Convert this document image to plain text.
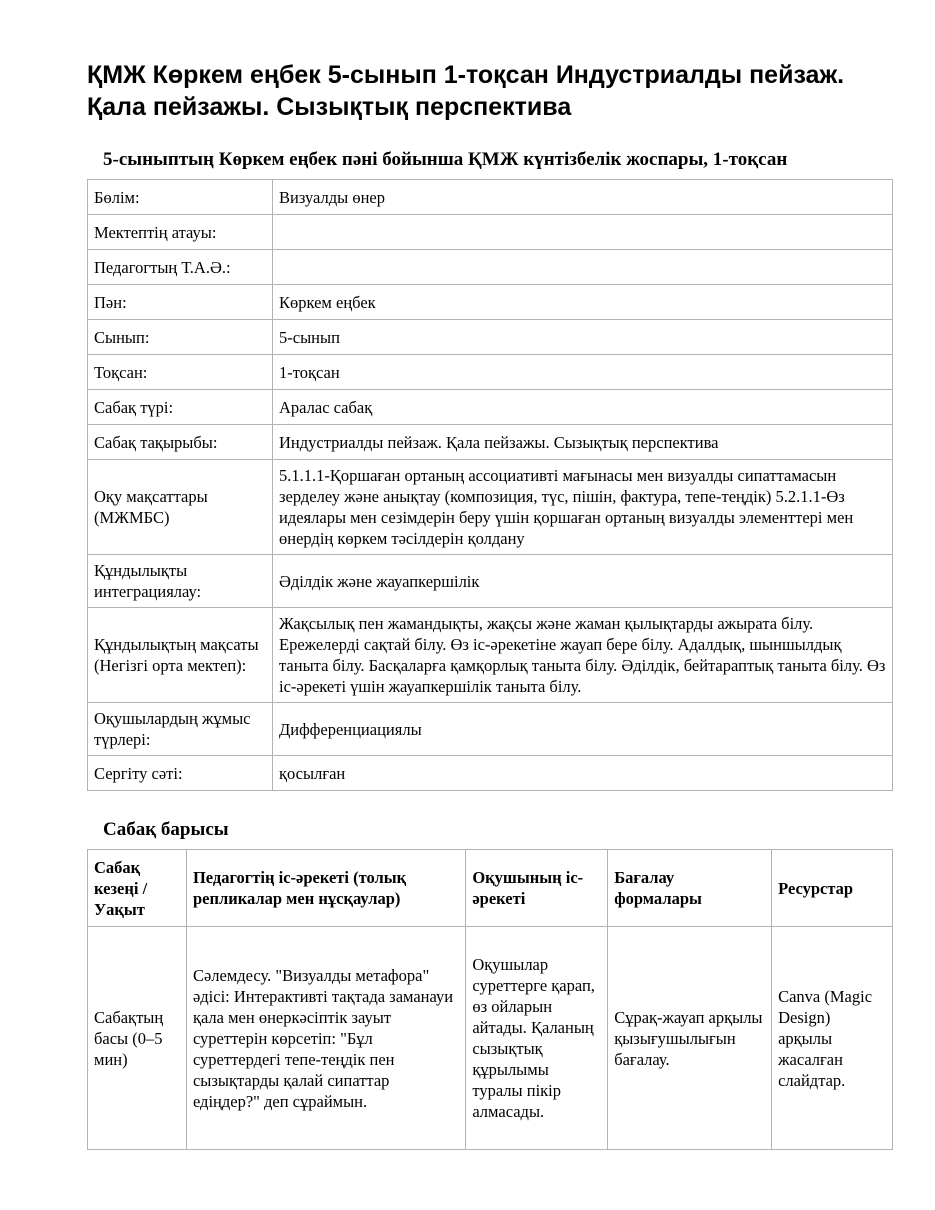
ҚМЖ Көркем еңбек 5-сынып 1-тоқсан Индустриалды пейзаж. Қала пейзажы. Сызықтық перспектива
5-сыныптың Көркем еңбек пәні бойынша ҚМЖ күнтізбелік жоспары, 1-тоқсан
Бөлім:	Визуалды өнер
Мектептің атауы:	
Педагогтың Т.А.Ә.:	
Пән:	Көркем еңбек
Сынып:	5-сынып
Тоқсан:	1-тоқсан
Сабақ түрі:	Аралас сабақ
Сабақ тақырыбы:	Индустриалды пейзаж. Қала пейзажы. Сызықтық перспектива
Оқу мақсаттары (МЖМБС)	5.1.1.1-Қоршаған ортаның ассоциативті мағынасы мен визуалды сипаттамасын зерделеу және анықтау (композиция, түс, пішін, фактура, тепе-теңдік) 5.2.1.1-Өз идеялары мен сезімдерін беру үшін қоршаған ортаның визуалды элементтері мен өнердің көркем тәсілдерін қолдану
Құндылықты интеграциялау:	Әділдік және жауапкершілік
Құндылықтың мақсаты (Негізгі орта мектеп):	Жақсылық пен жамандықты, жақсы және жаман қылықтарды ажырата білу. Ережелерді сақтай білу. Өз іс-әрекетіне жауап бере білу. Адалдық, шыншылдық таныта білу. Басқаларға қамқорлық таныта білу. Әділдік, бейтараптық таныта білу. Өз іс-әрекеті үшін жауапкершілік таныта білу.
Оқушылардың жұмыс түрлері:	Дифференциациялы
Сергіту сәті:	қосылған
Сабақ барысы
Сабақ кезеңі / Уақыт	Педагогтің іс-әрекеті (толық репликалар мен нұсқаулар)	Оқушының іс-әрекеті	Бағалау формалары	Ресурстар
Сабақтың басы (0–5 мин)	Сәлемдесу. "Визуалды метафора" әдісі: Интерактивті тақтада заманауи қала мен өнеркәсіптік зауыт суреттерін көрсетіп: "Бұл суреттердегі тепе-теңдік пен сызықтарды қалай сипаттар едіңдер?" деп сұраймын.	Оқушылар суреттерге қарап, өз ойларын айтады. Қаланың сызықтық құрылымы туралы пікір алмасады.	Сұрақ-жауап арқылы қызығушылығын бағалау.	Canva (Magic Design) арқылы жасалған слайдтар.
